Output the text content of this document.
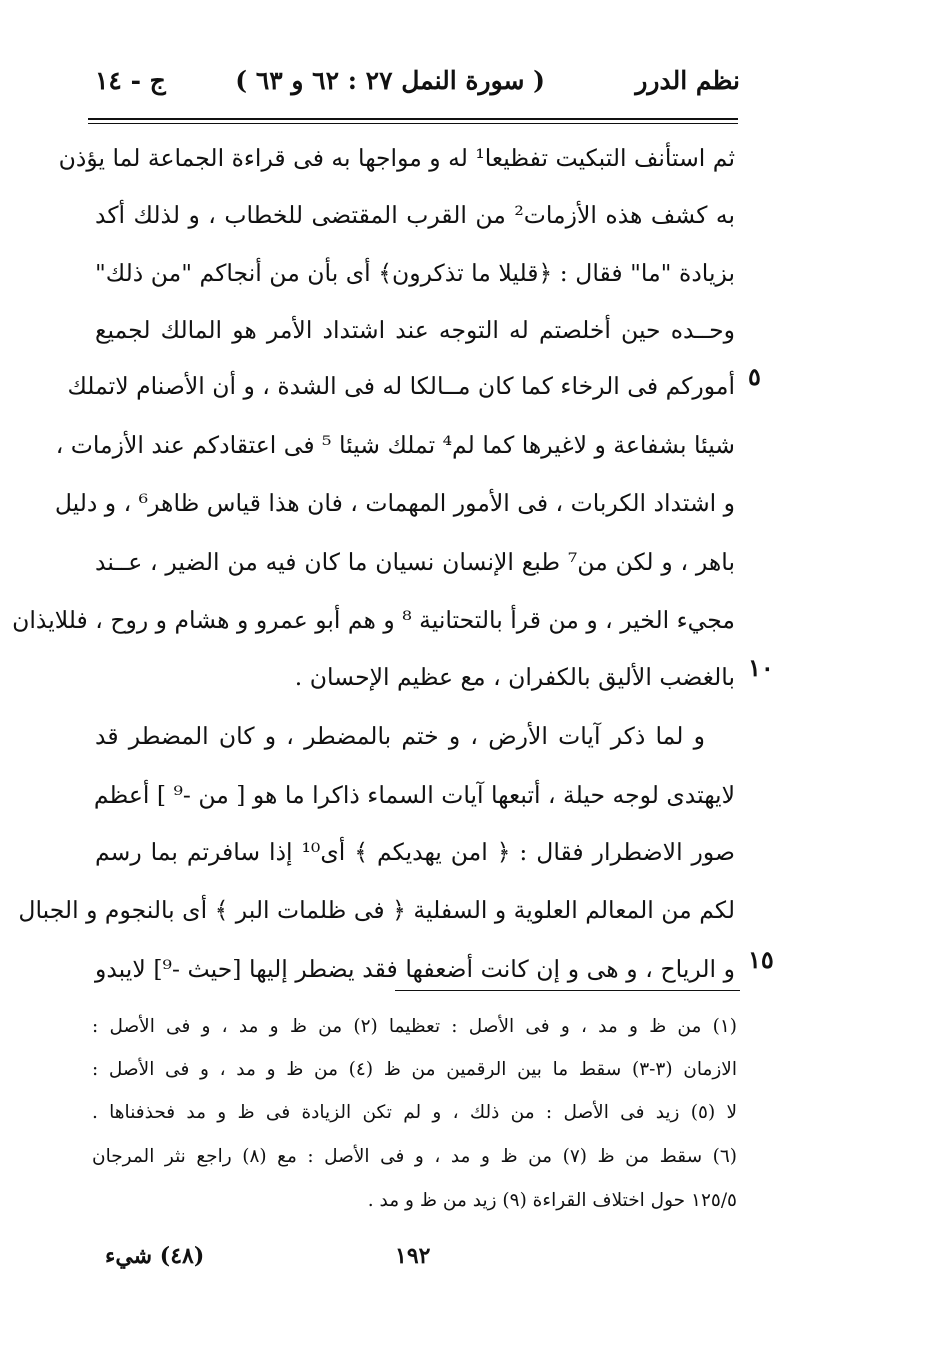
نظم الدرر
( سورة النمل ٢٧ : ٦٢ و ٦٣ )
ج - ١٤
ثم استأنف التبكيت تفظيعا¹ له و مواجها به فى قراءة الجماعة لما يؤذن
به كشف هذه الأزمات² من القرب المقتضى للخطاب ، و لذلك أكد
بزيادة "ما" فقال : ﴿قليلا ما تذكرون﴾ أى بأن من أنجاكم "من ذلك"
وحــده حين أخلصتم له التوجه عند اشتداد الأمر هو المالك لجميع
أموركم فى الرخاء كما كان مــالكا له فى الشدة ، و أن الأصنام لاتملك
شيئا بشفاعة و لاغيرها كما لم⁴ تملك شيئا ⁵ فى اعتقادكم عند الأزمات ،
و اشتداد الكربات ، فى الأمور المهمات ، فان هذا قياس ظاهر⁶ ، و دليل
باهر ، و لكن من⁷ طبع الإنسان نسيان ما كان فيه من الضير ، عــند
مجيء الخير ، و من قرأ بالتحتانية ⁸ و هم أبو عمرو و هشام و روح ، فللايذان
بالغضب الأليق بالكفران ، مع عظيم الإحسان .
و لما ذكر آيات الأرض ، و ختم بالمضطر ، و كان المضطر قد
لايهتدى لوجه حيلة ، أتبعها آيات السماء ذاكرا ما هو [ من -⁹ ] أعظم
صور الاضطرار فقال : ﴿ امن يهديكم ﴾ أى¹⁰ إذا سافرتم بما رسم
لكم من المعالم العلوية و السفلية ﴿ فى ظلمات البر ﴾ أى بالنجوم و الجبال
و الرياح ، و هى و إن كانت أضعفها فقد يضطر إليها [حيث -⁹] لايبدو
٥
١٠
١٥
(١) من ظ و مد ، و فى الأصل : تعظيما (٢) من ظ و مد ، و فى الأصل :
الازمان (٣-٣) سقط ما بين الرقمين من ظ (٤) من ظ و مد ، و فى الأصل :
لا (٥) زيد فى الأصل : من ذلك ، و لم تكن الزيادة فى ظ و مد فحذفناها .
(٦) سقط من ظ (٧) من ظ و مد ، و فى الأصل : مع (٨) راجع نثر المرجان
١٢٥/٥ حول اختلاف القراءة (٩) زيد من ظ و مد .
١٩٢
(٤٨) شيء
